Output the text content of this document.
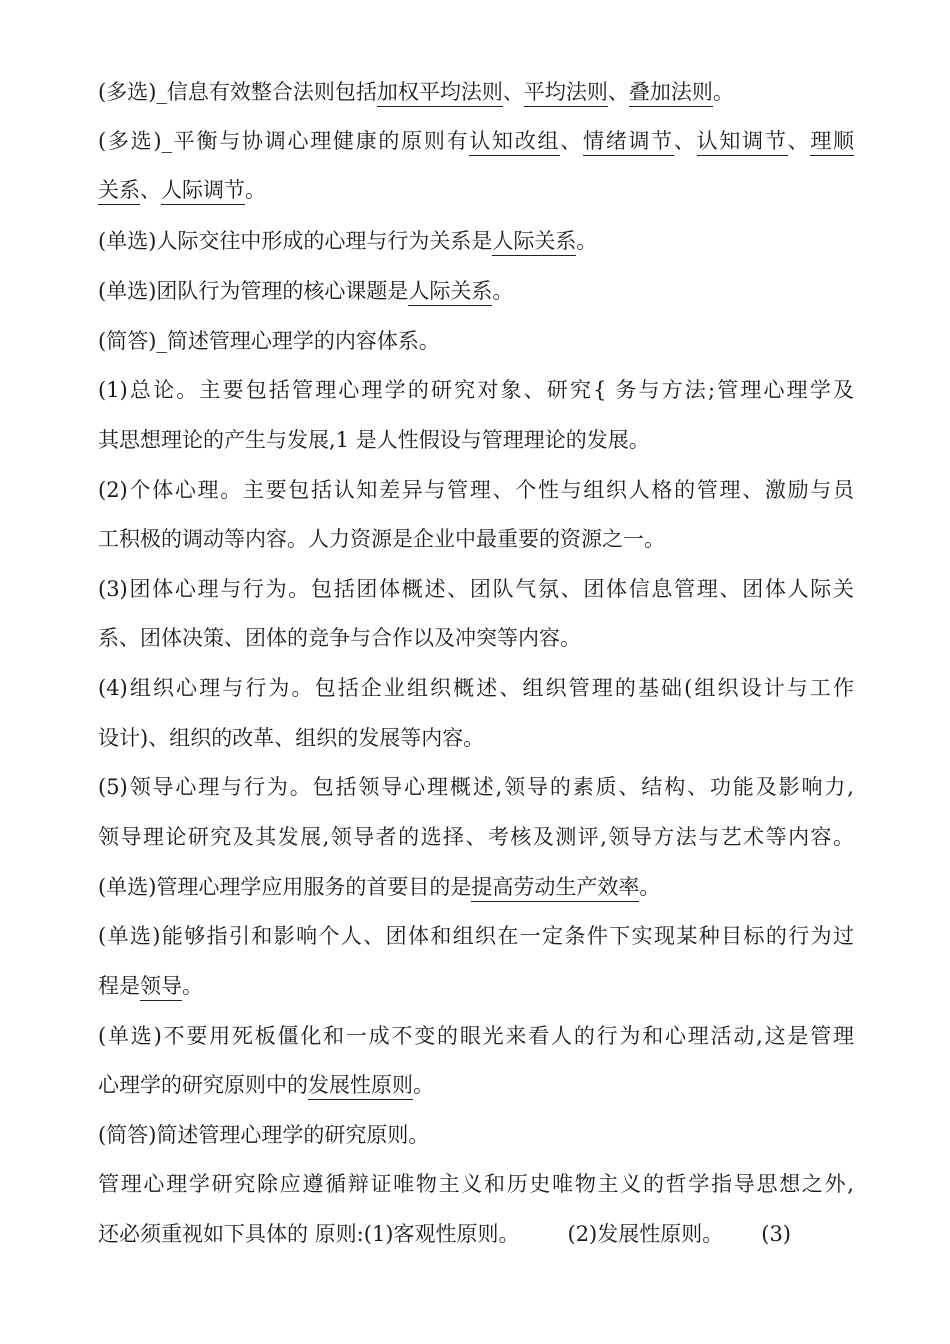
(多选)_信息有效整合法则包括加权平均法则、平均法则、叠加法则。
(多选)_平衡与协调心理健康的原则有认知改组、情绪调节、认知调节、理顺
关系、人际调节。
(单选)人际交往中形成的心理与行为关系是人际关系。
(单选)团队行为管理的核心课题是人际关系。
(简答)_简述管理心理学的内容体系。
(1)总论。主要包括管理心理学的研究对象、研究{ 务与方法;管理心理学及
其思想理论的产生与发展,1 是人性假设与管理理论的发展。
(2)个体心理。主要包括认知差异与管理、个性与组织人格的管理、激励与员
工积极的调动等内容。人力资源是企业中最重要的资源之一。
(3)团体心理与行为。包括团体概述、团队气氛、团体信息管理、团体人际关
系、团体决策、团体的竞争与合作以及冲突等内容。
(4)组织心理与行为。包括企业组织概述、组织管理的基础(组织设计与工作
设计)、组织的改革、组织的发展等内容。
(5)领导心理与行为。包括领导心理概述,领导的素质、结构、功能及影响力,
领导理论研究及其发展,领导者的选择、考核及测评,领导方法与艺术等内容。
(单选)管理心理学应用服务的首要目的是提高劳动生产效率。
(单选)能够指引和影响个人、团体和组织在一定条件下实现某种目标的行为过
程是领导。
(单选)不要用死板僵化和一成不变的眼光来看人的行为和心理活动,这是管理
心理学的研究原则中的发展性原则。
(简答)简述管理心理学的研究原则。
管理心理学研究除应遵循辩证唯物主义和历史唯物主义的哲学指导思想之外,
还必须重视如下具体的 原则:(1)客观性原则。 (2)发展性原则。 (3)
